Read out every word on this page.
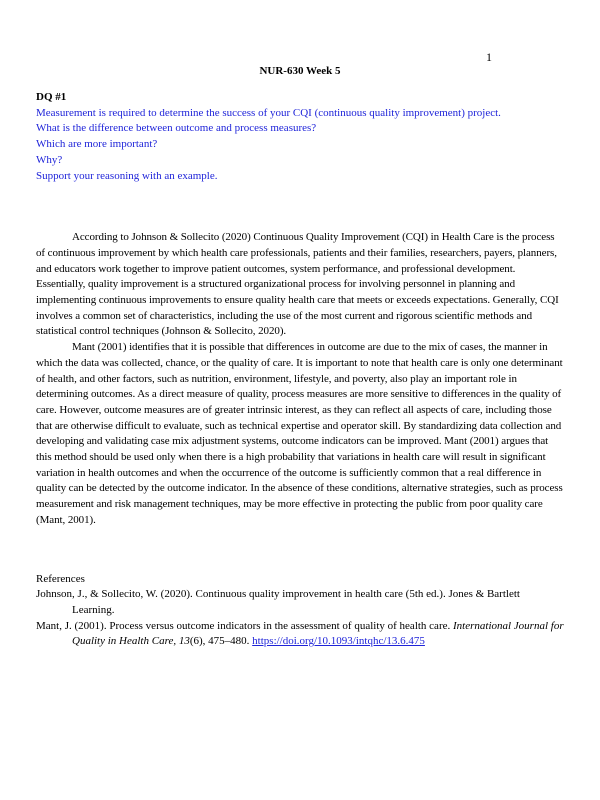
1
NUR-630 Week 5

DQ #1

Measurement is required to determine the success of your CQI (continuous quality improvement) project.

What is the difference between outcome and process measures?

Which are more important?

Why?

Support your reasoning with an example.

According to Johnson & Sollecito (2020) Continuous Quality Improvement (CQI) in Health Care is the process of continuous improvement by which health care professionals, patients and their families, researchers, payers, planners, and educators work together to improve patient outcomes, system performance, and professional development. Essentially, quality improvement is a structured organizational process for involving personnel in planning and implementing continuous improvements to ensure quality health care that meets or exceeds expectations. Generally, CQI involves a common set of characteristics, including the use of the most current and rigorous scientific methods and statistical control techniques (Johnson & Sollecito, 2020).

Mant (2001) identifies that it is possible that differences in outcome are due to the mix of cases, the manner in which the data was collected, chance, or the quality of care. It is important to note that health care is only one determinant of health, and other factors, such as nutrition, environment, lifestyle, and poverty, also play an important role in determining outcomes. As a direct measure of quality, process measures are more sensitive to differences in the quality of care. However, outcome measures are of greater intrinsic interest, as they can reflect all aspects of care, including those that are otherwise difficult to evaluate, such as technical expertise and operator skill. By standardizing data collection and developing and validating case mix adjustment systems, outcome indicators can be improved. Mant (2001) argues that this method should be used only when there is a high probability that variations in health care will result in significant variation in health outcomes and when the occurrence of the outcome is sufficiently common that a real difference in quality can be detected by the outcome indicator. In the absence of these conditions, alternative strategies, such as process measurement and risk management techniques, may be more effective in protecting the public from poor quality care (Mant, 2001).

References

Johnson, J., & Sollecito, W. (2020). Continuous quality improvement in health care (5th ed.). Jones & Bartlett Learning.

Mant, J. (2001). Process versus outcome indicators in the assessment of quality of health care. International Journal for Quality in Health Care, 13(6), 475–480. https://doi.org/10.1093/intqhc/13.6.475
